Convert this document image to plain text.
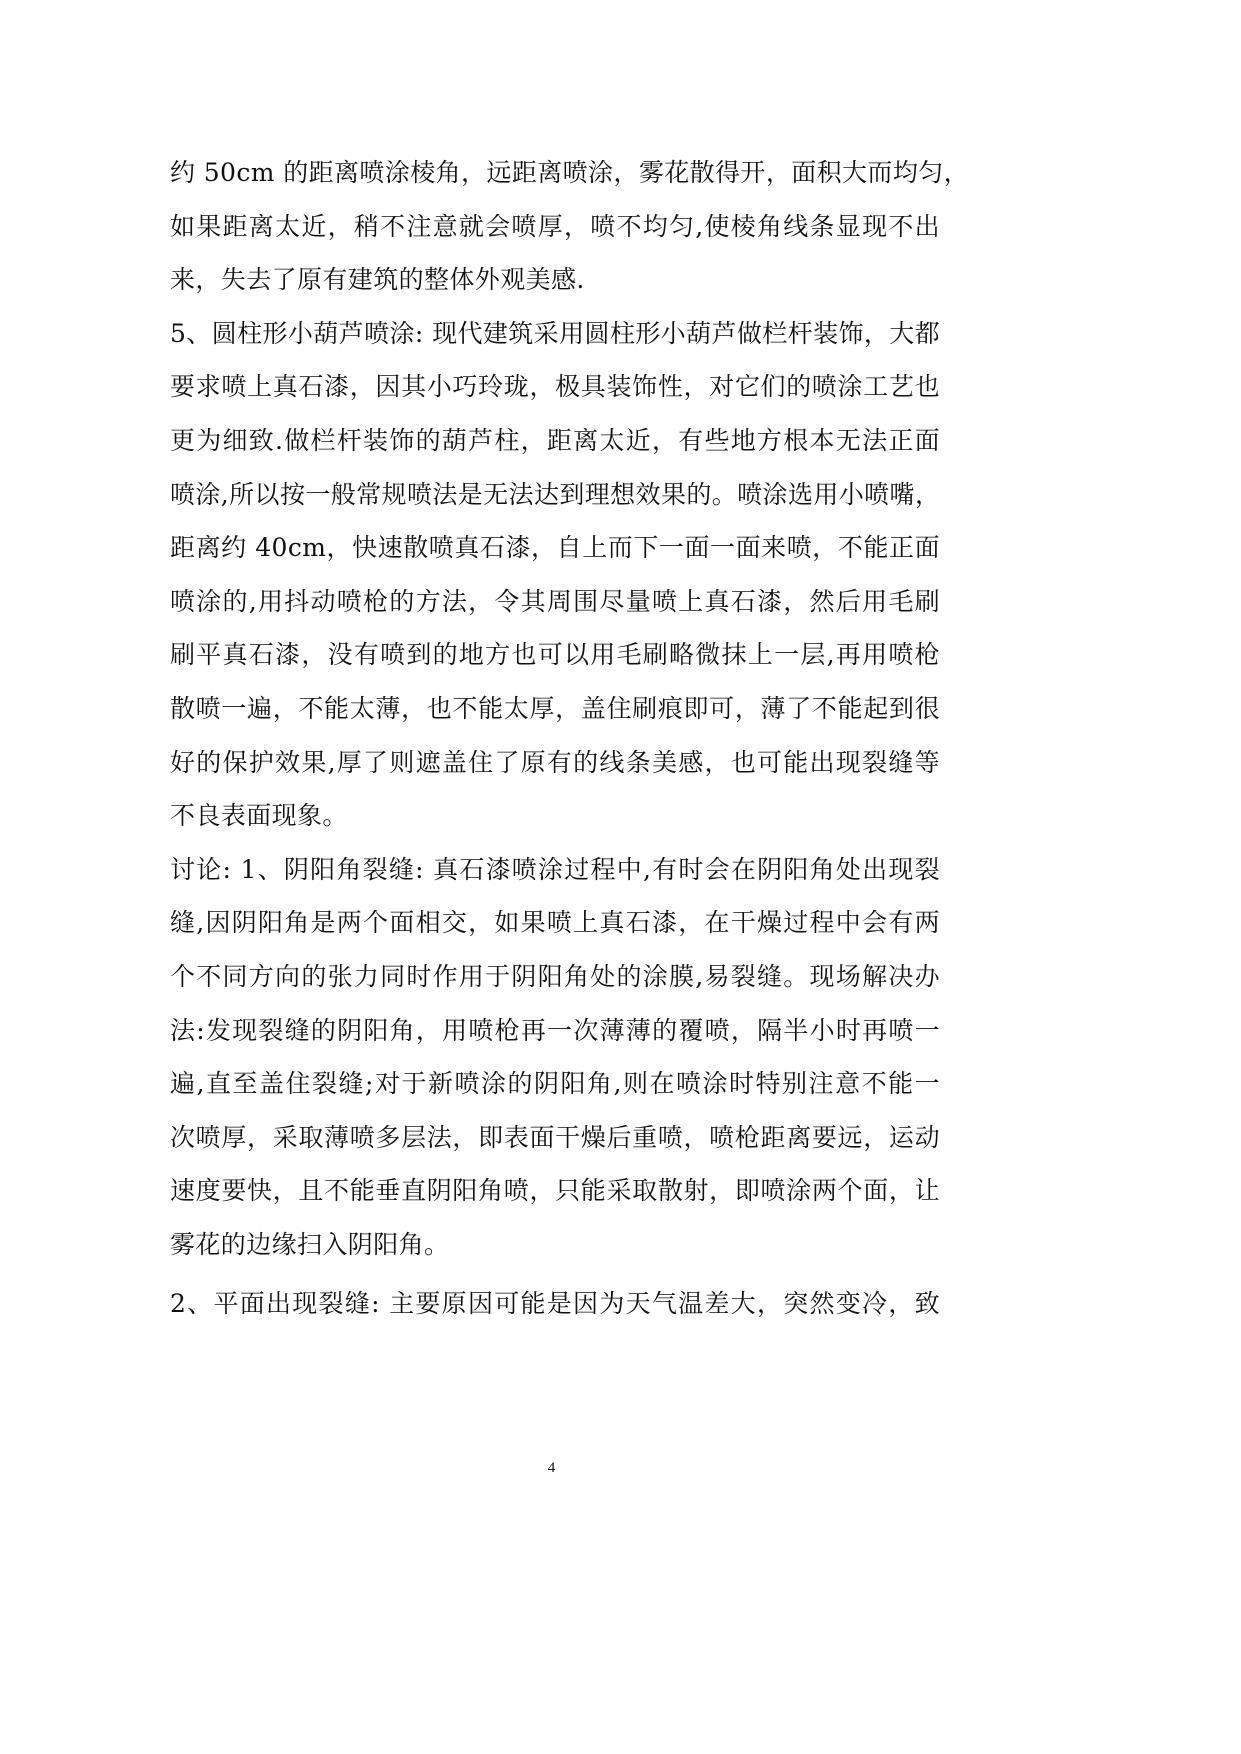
约 50cm 的距离喷涂棱角，远距离喷涂，雾花散得开，面积大而均匀，
如果距离太近，稍不注意就会喷厚，喷不均匀,使棱角线条显现不出
来，失去了原有建筑的整体外观美感.
5、圆柱形小葫芦喷涂: 现代建筑采用圆柱形小葫芦做栏杆装饰，大都
要求喷上真石漆，因其小巧玲珑，极具装饰性，对它们的喷涂工艺也
更为细致.做栏杆装饰的葫芦柱，距离太近，有些地方根本无法正面
喷涂,所以按一般常规喷法是无法达到理想效果的。喷涂选用小喷嘴，
距离约 40cm，快速散喷真石漆，自上而下一面一面来喷，不能正面
喷涂的,用抖动喷枪的方法，令其周围尽量喷上真石漆，然后用毛刷
刷平真石漆，没有喷到的地方也可以用毛刷略微抹上一层,再用喷枪
散喷一遍，不能太薄，也不能太厚，盖住刷痕即可，薄了不能起到很
好的保护效果,厚了则遮盖住了原有的线条美感，也可能出现裂缝等
不良表面现象。
讨论: 1、阴阳角裂缝: 真石漆喷涂过程中,有时会在阴阳角处出现裂
缝,因阴阳角是两个面相交，如果喷上真石漆，在干燥过程中会有两
个不同方向的张力同时作用于阴阳角处的涂膜,易裂缝。现场解决办
法:发现裂缝的阴阳角，用喷枪再一次薄薄的覆喷，隔半小时再喷一
遍,直至盖住裂缝;对于新喷涂的阴阳角,则在喷涂时特别注意不能一
次喷厚，采取薄喷多层法，即表面干燥后重喷，喷枪距离要远，运动
速度要快，且不能垂直阴阳角喷，只能采取散射，即喷涂两个面，让
雾花的边缘扫入阴阳角。
2、平面出现裂缝: 主要原因可能是因为天气温差大，突然变冷，致
4
